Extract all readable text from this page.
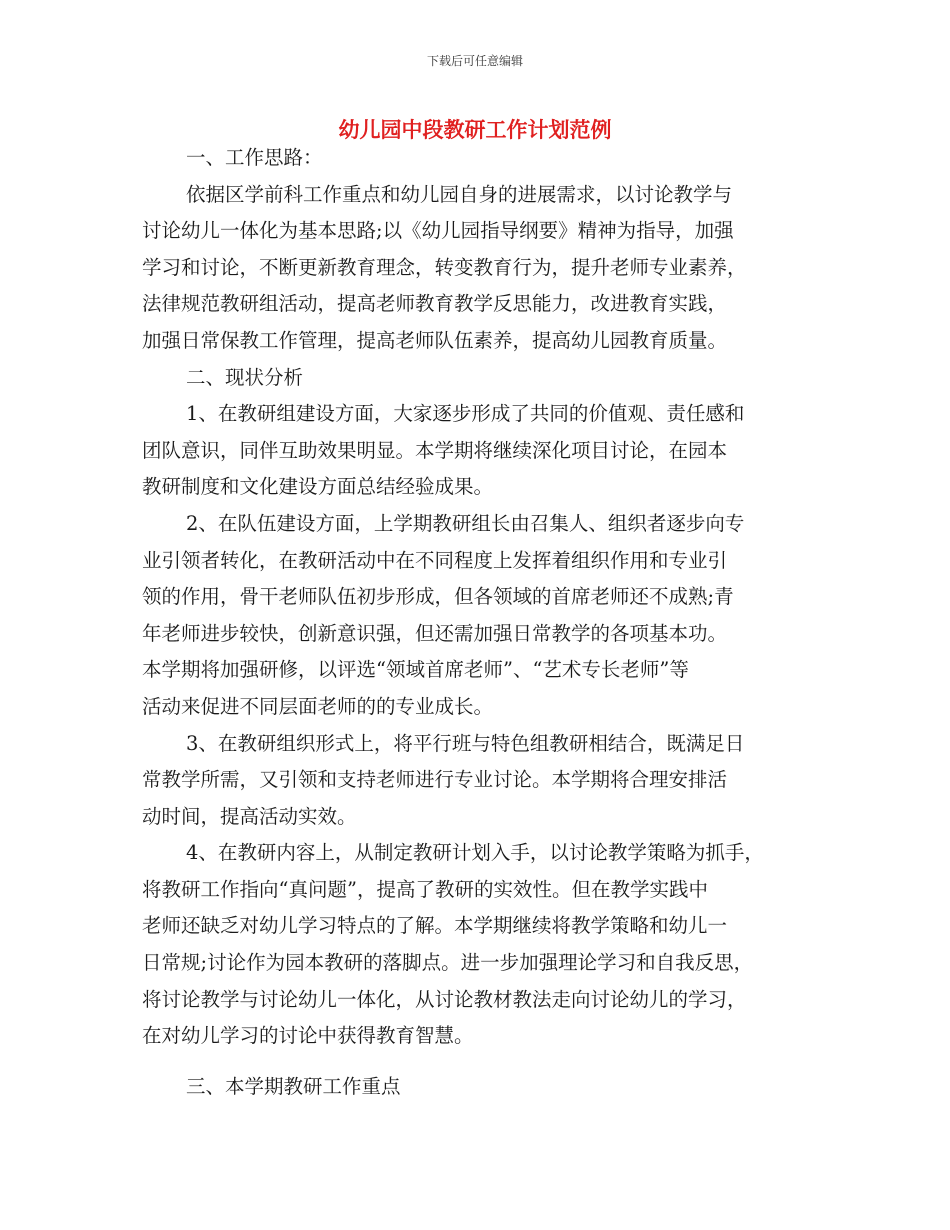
下载后可任意编辑
幼儿园中段教研工作计划范例
一、工作思路：
依据区学前科工作重点和幼儿园自身的进展需求，以讨论教学与
讨论幼儿一体化为基本思路;以《幼儿园指导纲要》精神为指导，加强
学习和讨论，不断更新教育理念，转变教育行为，提升老师专业素养，
法律规范教研组活动，提高老师教育教学反思能力，改进教育实践，
加强日常保教工作管理，提高老师队伍素养，提高幼儿园教育质量。
二、现状分析
1、在教研组建设方面，大家逐步形成了共同的价值观、责任感和
团队意识，同伴互助效果明显。本学期将继续深化项目讨论，在园本
教研制度和文化建设方面总结经验成果。
2、在队伍建设方面，上学期教研组长由召集人、组织者逐步向专
业引领者转化，在教研活动中在不同程度上发挥着组织作用和专业引
领的作用，骨干老师队伍初步形成，但各领域的首席老师还不成熟;青
年老师进步较快，创新意识强，但还需加强日常教学的各项基本功。
本学期将加强研修，以评选“领域首席老师”、“艺术专长老师”等
活动来促进不同层面老师的的专业成长。
3、在教研组织形式上，将平行班与特色组教研相结合，既满足日
常教学所需，又引领和支持老师进行专业讨论。本学期将合理安排活
动时间，提高活动实效。
4、在教研内容上，从制定教研计划入手，以讨论教学策略为抓手，
将教研工作指向“真问题”，提高了教研的实效性。但在教学实践中
老师还缺乏对幼儿学习特点的了解。本学期继续将教学策略和幼儿一
日常规;讨论作为园本教研的落脚点。进一步加强理论学习和自我反思，
将讨论教学与讨论幼儿一体化，从讨论教材教法走向讨论幼儿的学习，
在对幼儿学习的讨论中获得教育智慧。
三、本学期教研工作重点
